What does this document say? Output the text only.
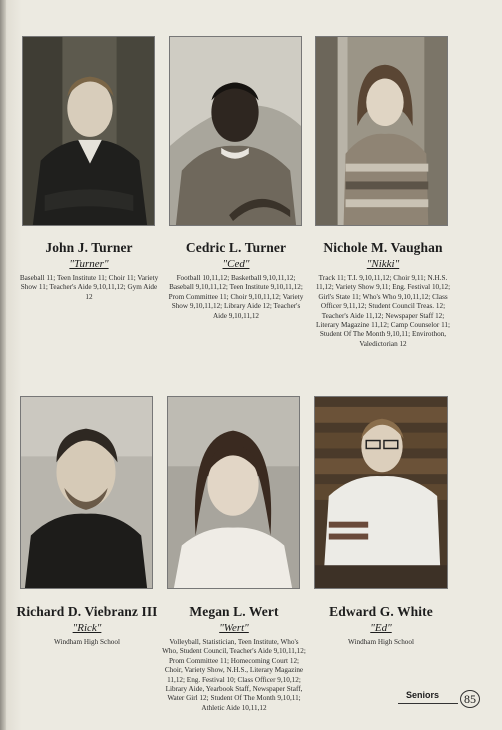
John J. Turner

"Turner"

Baseball 11; Teen Institute 11; Choir 11; Variety Show 11; Teacher's Aide 9,10,11,12; Gym Aide 12

Cedric L. Turner

"Ced"

Football 10,11,12; Basketball 9,10,11,12; Baseball 9,10,11,12; Teen Institute 9,10,11,12; Prom Committee 11; Choir 9,10,11,12; Variety Show 9,10,11,12; Library Aide 12; Teacher's Aide 9,10,11,12

Nichole M. Vaughan

"Nikki"

Track 11; T.I. 9,10,11,12; Choir 9,11; N.H.S. 11,12; Variety Show 9,11; Eng. Festival 10,12; Girl's State 11; Who's Who 9,10,11,12; Class Officer 9,11,12; Student Council Treas. 12; Teacher's Aide 11,12; Newspaper Staff 12; Literary Magazine 11,12; Camp Counselor 11; Student Of The Month 9,10,11; Envirothon, Valedictorian 12

Richard D. Viebranz III

"Rick"

Windham High School

Megan L. Wert

"Wert"

Volleyball, Statistician, Teen Institute, Who's Who, Student Council, Teacher's Aide 9,10,11,12; Prom Committee 11; Homecoming Court 12; Choir, Variety Show, N.H.S., Literary Magazine 11,12; Eng. Festival 10; Class Officer 9,10,12; Library Aide, Yearbook Staff, Newspaper Staff, Water Girl 12; Student Of The Month 9,10,11; Athletic Aide 10,11,12

Edward G. White

"Ed"

Windham High School

Seniors	85
